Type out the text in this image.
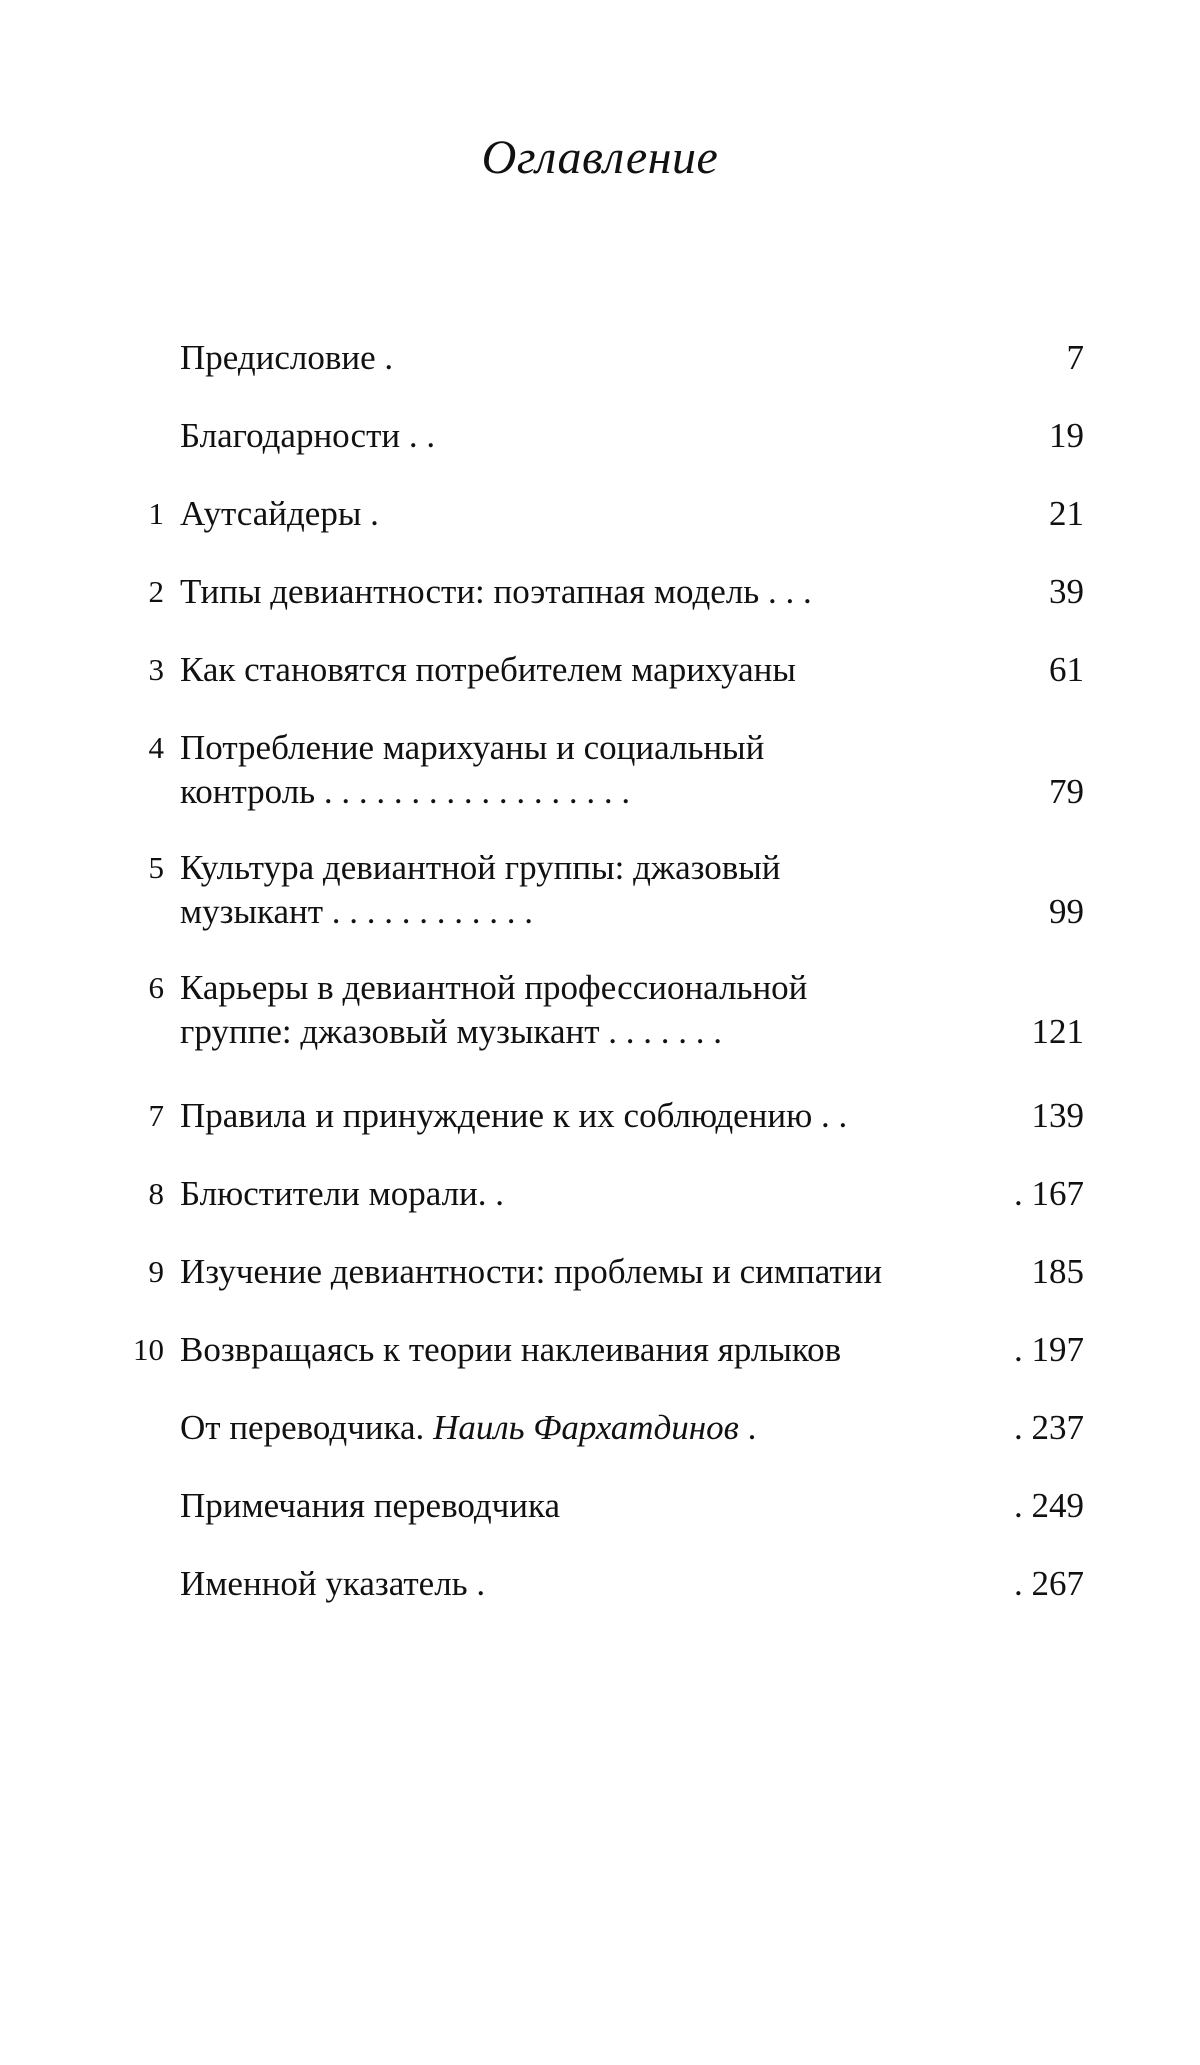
Оглавление
Предисловие .	7
Благодарности . .	19
1 Аутсайдеры .	21
2 Типы девиантности: поэтапная модель . . .	39
3 Как становятся потребителем марихуаны	61
4 Потребление марихуаны и социальный
контроль . . . . . . . . . . . . . . . . . .	79
5 Культура девиантной группы: джазовый
музыкант . . . . . . . . . . . .	99
6 Карьеры в девиантной профессиональной
группе: джазовый музыкант . . . . . . .	121
7 Правила и принуждение к их соблюдению . .	139
8 Блюстители морали. .	. 167
9 Изучение девиантности: проблемы и симпатии	185
10 Возвращаясь к теории наклеивания ярлыков	. 197
От переводчика. Наиль Фархатдинов .	. 237
Примечания переводчика	. 249
Именной указатель .	. 267
